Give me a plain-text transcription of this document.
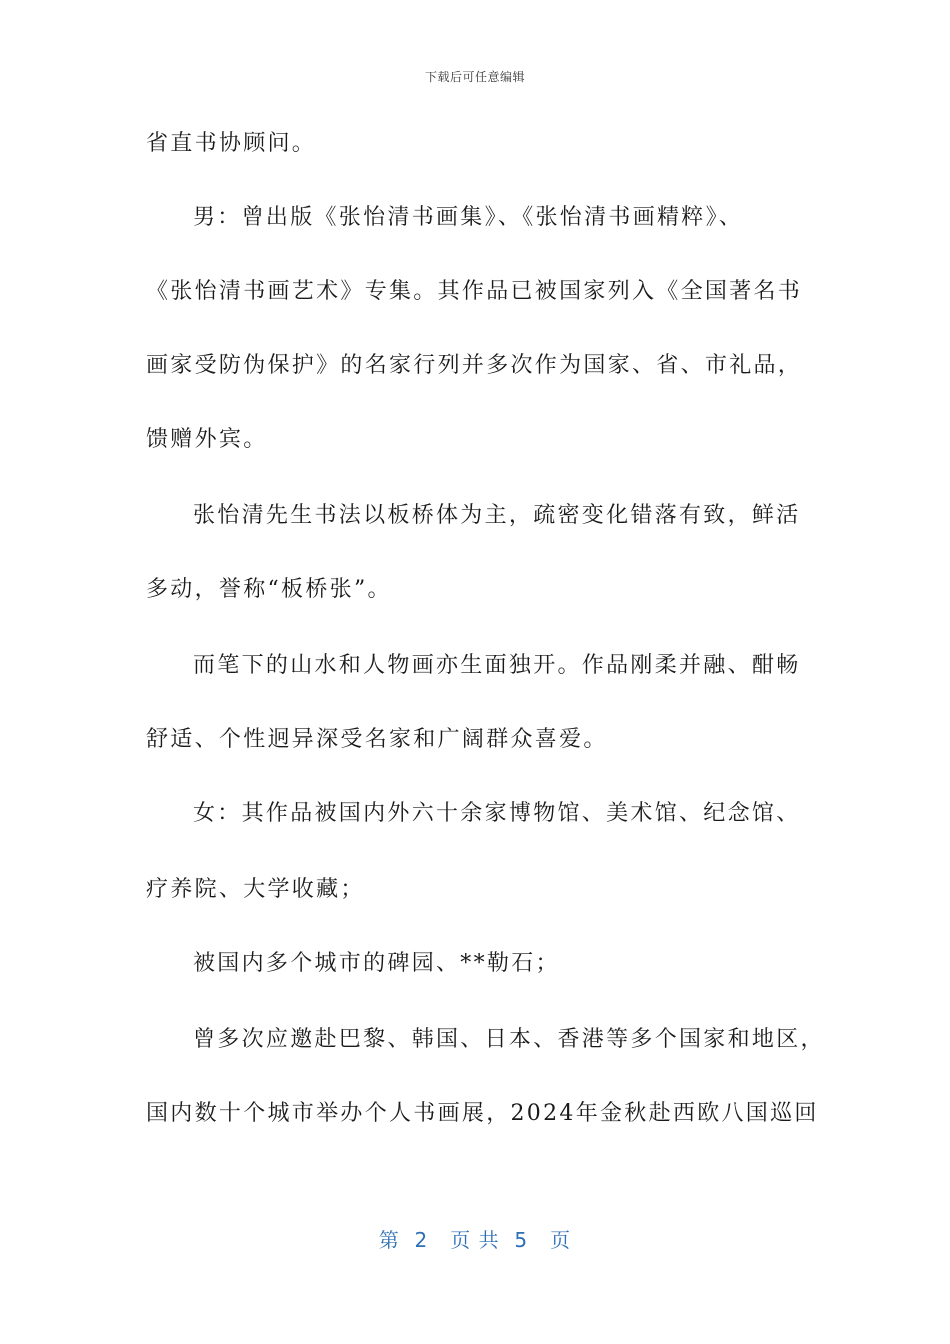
下载后可任意编辑
省直书协顾问。
男：曾出版《张怡清书画集》、《张怡清书画精粹》、
《张怡清书画艺术》专集。其作品已被国家列入《全国著名书
画家受防伪保护》的名家行列并多次作为国家、省、市礼品，
馈赠外宾。
张怡清先生书法以板桥体为主，疏密变化错落有致，鲜活
多动，誉称“板桥张”。
而笔下的山水和人物画亦生面独开。作品刚柔并融、酣畅
舒适、个性迥异深受名家和广阔群众喜爱。
女：其作品被国内外六十余家博物馆、美术馆、纪念馆、
疗养院、大学收藏；
被国内多个城市的碑园、**勒石；
曾多次应邀赴巴黎、韩国、日本、香港等多个国家和地区，
国内数十个城市举办个人书画展，2024年金秋赴西欧八国巡回
第  2   页 共  5   页
